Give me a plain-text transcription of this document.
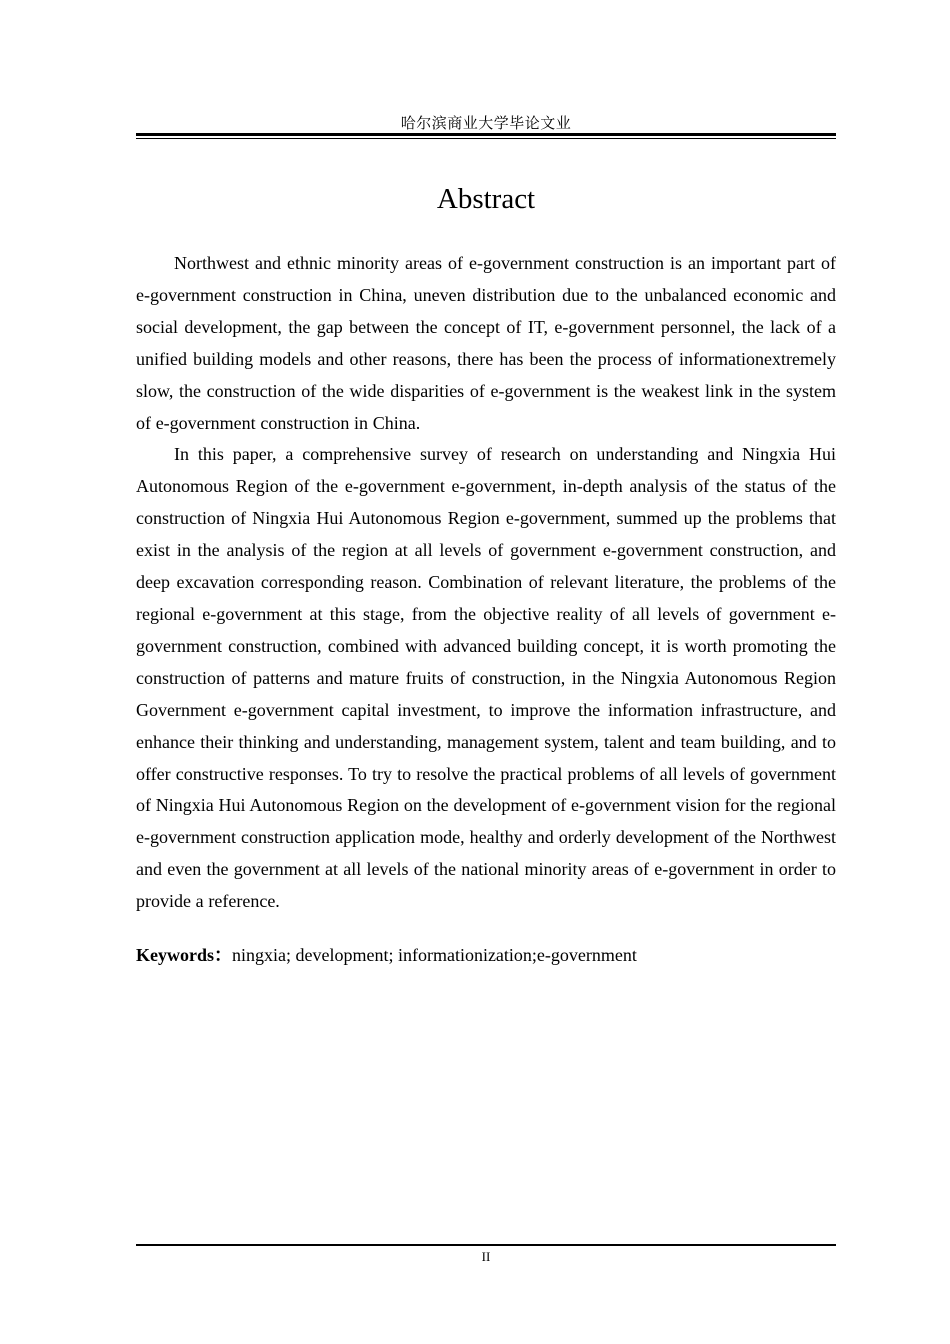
哈尔滨商业大学毕论文业
Abstract

Northwest and ethnic minority areas of e-government construction is an important part of e-government construction in China, uneven distribution due to the unbalanced economic and social development, the gap between the concept of IT, e-government personnel, the lack of a unified building models and other reasons, there has been the process of informationextremely slow, the construction of the wide disparities of e-government is the weakest link in the system of e-government construction in China.

In this paper, a comprehensive survey of research on understanding and Ningxia Hui Autonomous Region of the e-government e-government, in-depth analysis of the status of the construction of Ningxia Hui Autonomous Region e-government, summed up the problems that exist in the analysis of the region at all levels of government e-government construction, and deep excavation corresponding reason. Combination of relevant literature, the problems of the regional e-government at this stage, from the objective reality of all levels of government e-government construction, combined with advanced building concept, it is worth promoting the construction of patterns and mature fruits of construction, in the Ningxia Autonomous Region Government e-government capital investment, to improve the information infrastructure, and enhance their thinking and understanding, management system, talent and team building, and to offer constructive responses. To try to resolve the practical problems of all levels of government of Ningxia Hui Autonomous Region on the development of e-government vision for the regional e-government construction application mode, healthy and orderly development of the Northwest and even the government at all levels of the national minority areas of e-government in order to provide a reference.

Keywords：ningxia; development; informationization;e-government

II
